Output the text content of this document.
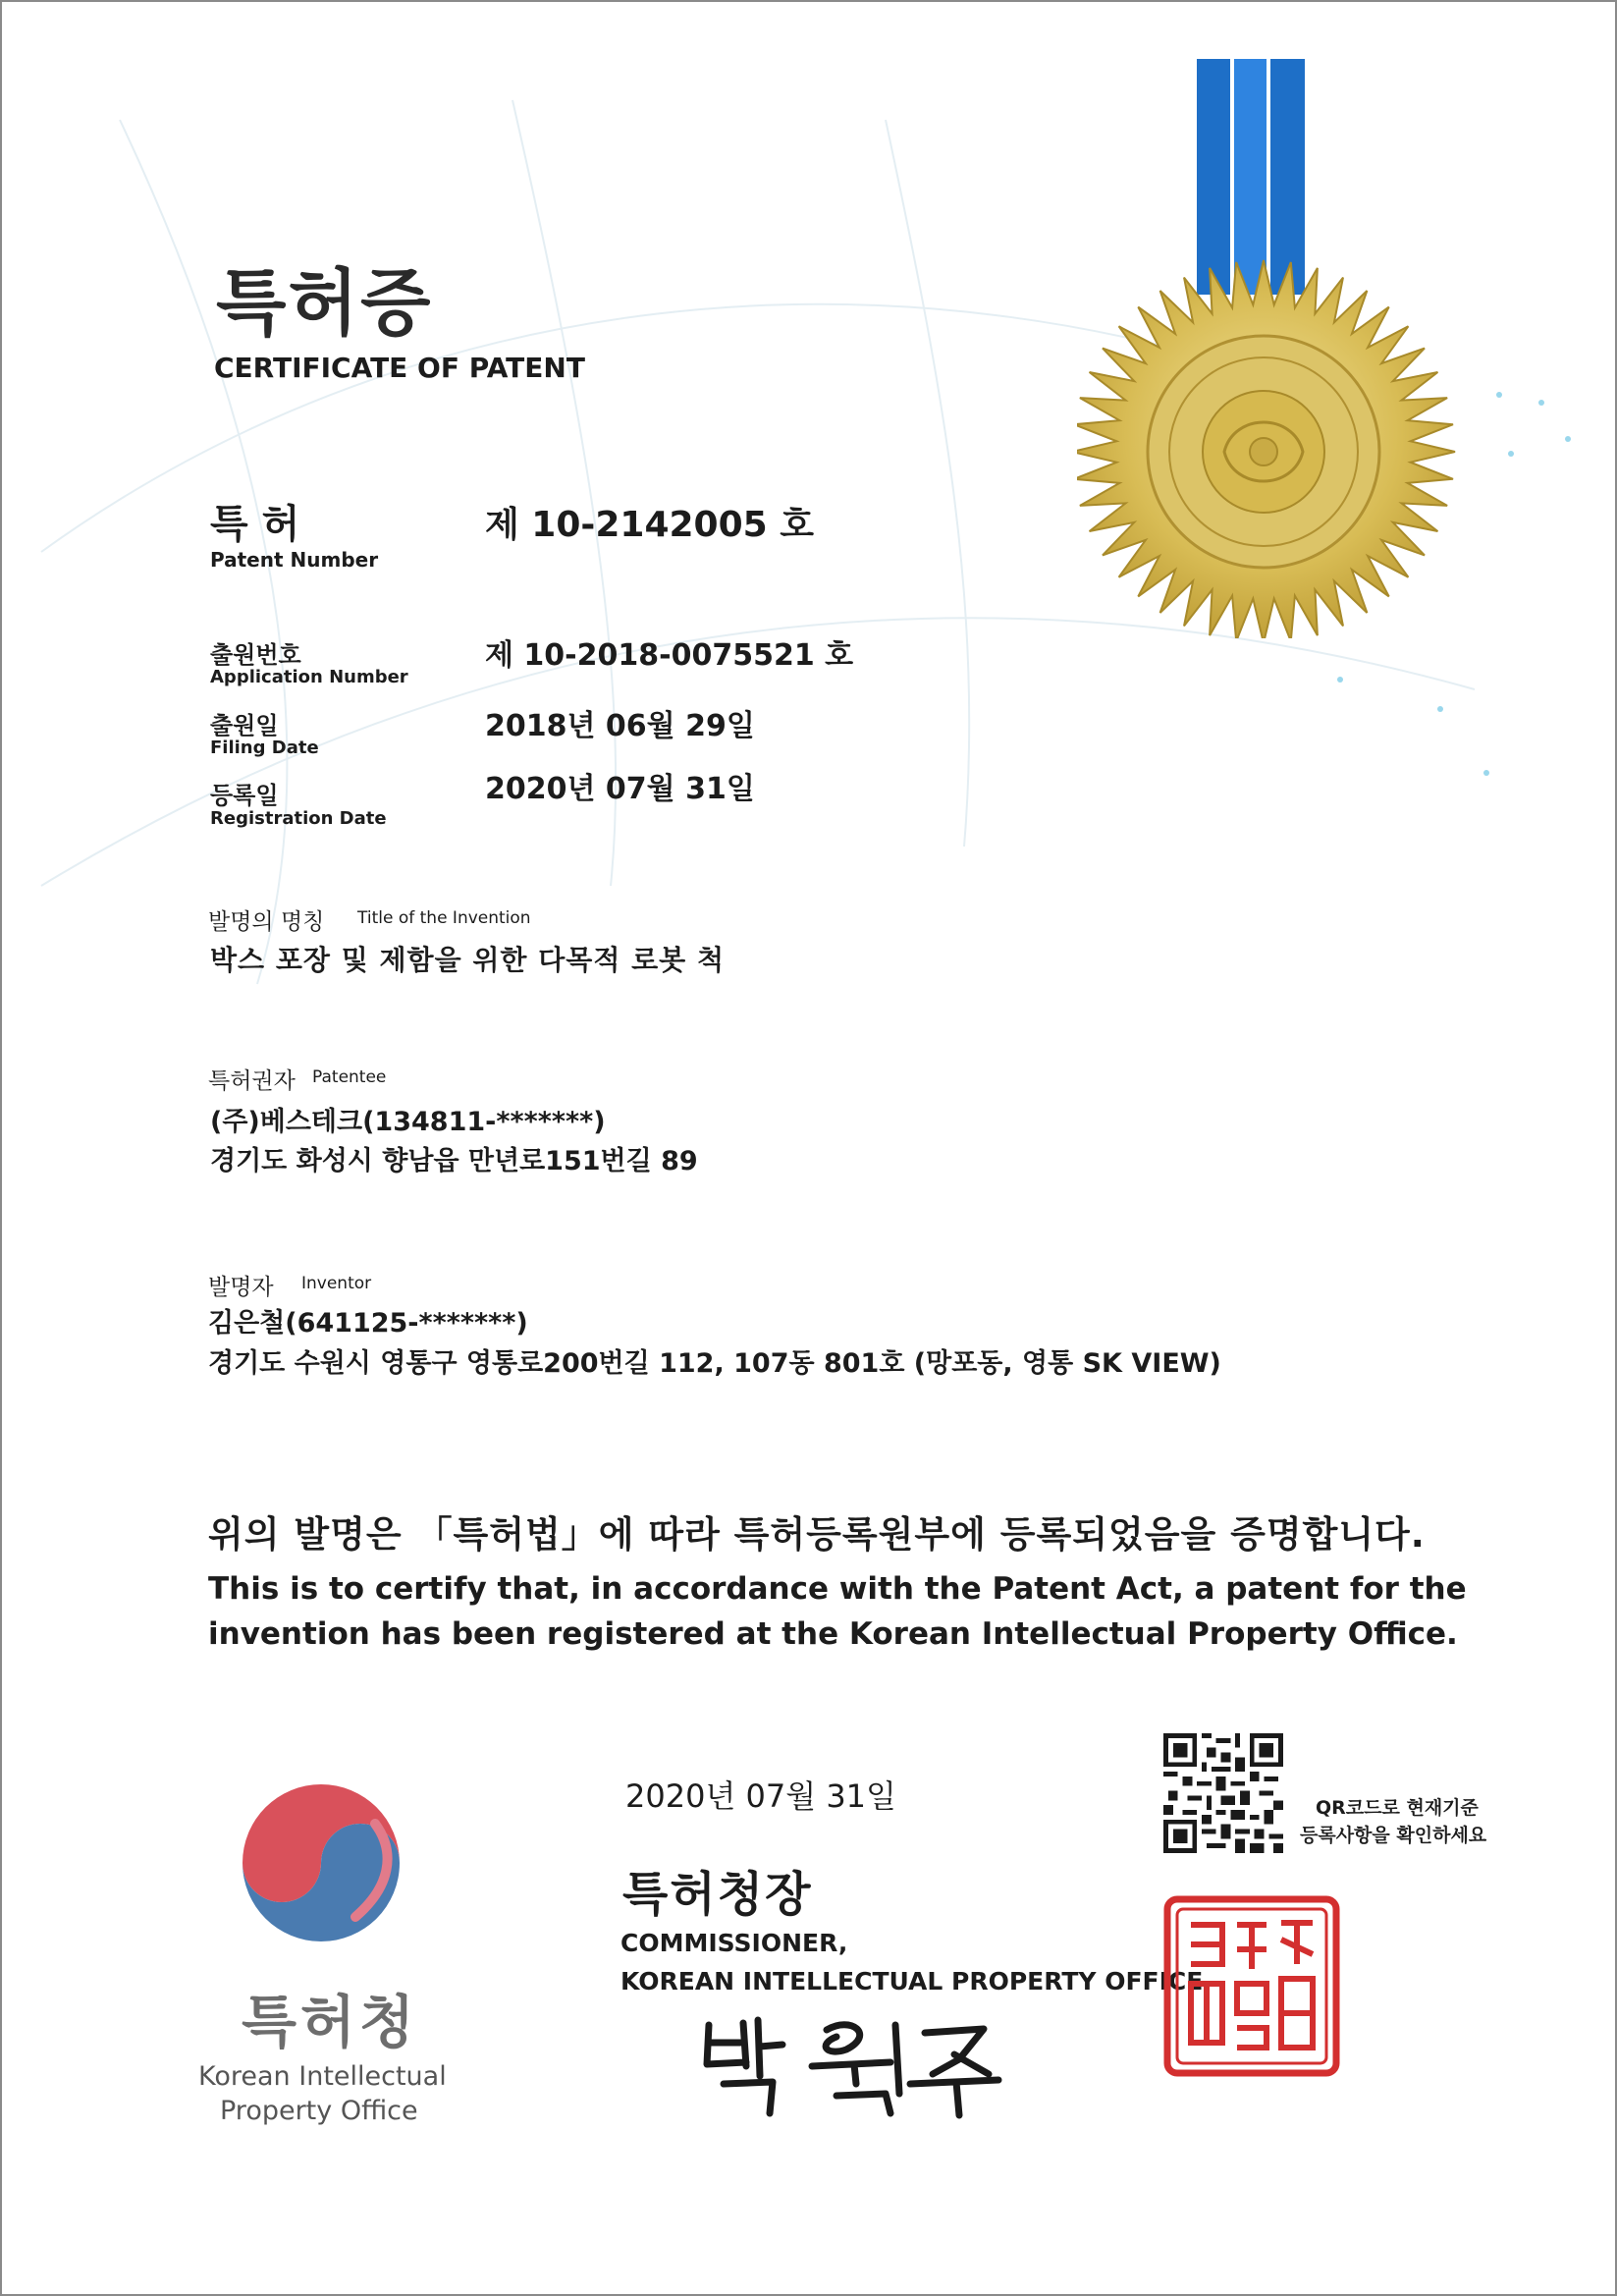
특허증
CERTIFICATE OF PATENT
특 허
Patent Number
제 10-2142005 호
출원번호
Application Number
제 10-2018-0075521 호
출원일
Filing Date
2018년 06월 29일
등록일
Registration Date
2020년 07월 31일
발명의 명칭 Title of the Invention
박스 포장 및 제함을 위한 다목적 로봇 척
특허권자 Patentee
(주)베스테크(134811-*******)
경기도 화성시 향남읍 만년로151번길 89
발명자 Inventor
김은철(641125-*******)
경기도 수원시 영통구 영통로200번길 112, 107동 801호 (망포동, 영통 SK VIEW)
위의 발명은 「특허법」에 따라 특허등록원부에 등록되었음을 증명합니다.
This is to certify that, in accordance with the Patent Act, a patent for the
invention has been registered at the Korean Intellectual Property Office.
2020년 07월 31일
특허청장
COMMISSIONER,
KOREAN INTELLECTUAL PROPERTY OFFICE
QR코드로 현재기준
등록사항을 확인하세요
특허청
Korean Intellectual
Property Office
